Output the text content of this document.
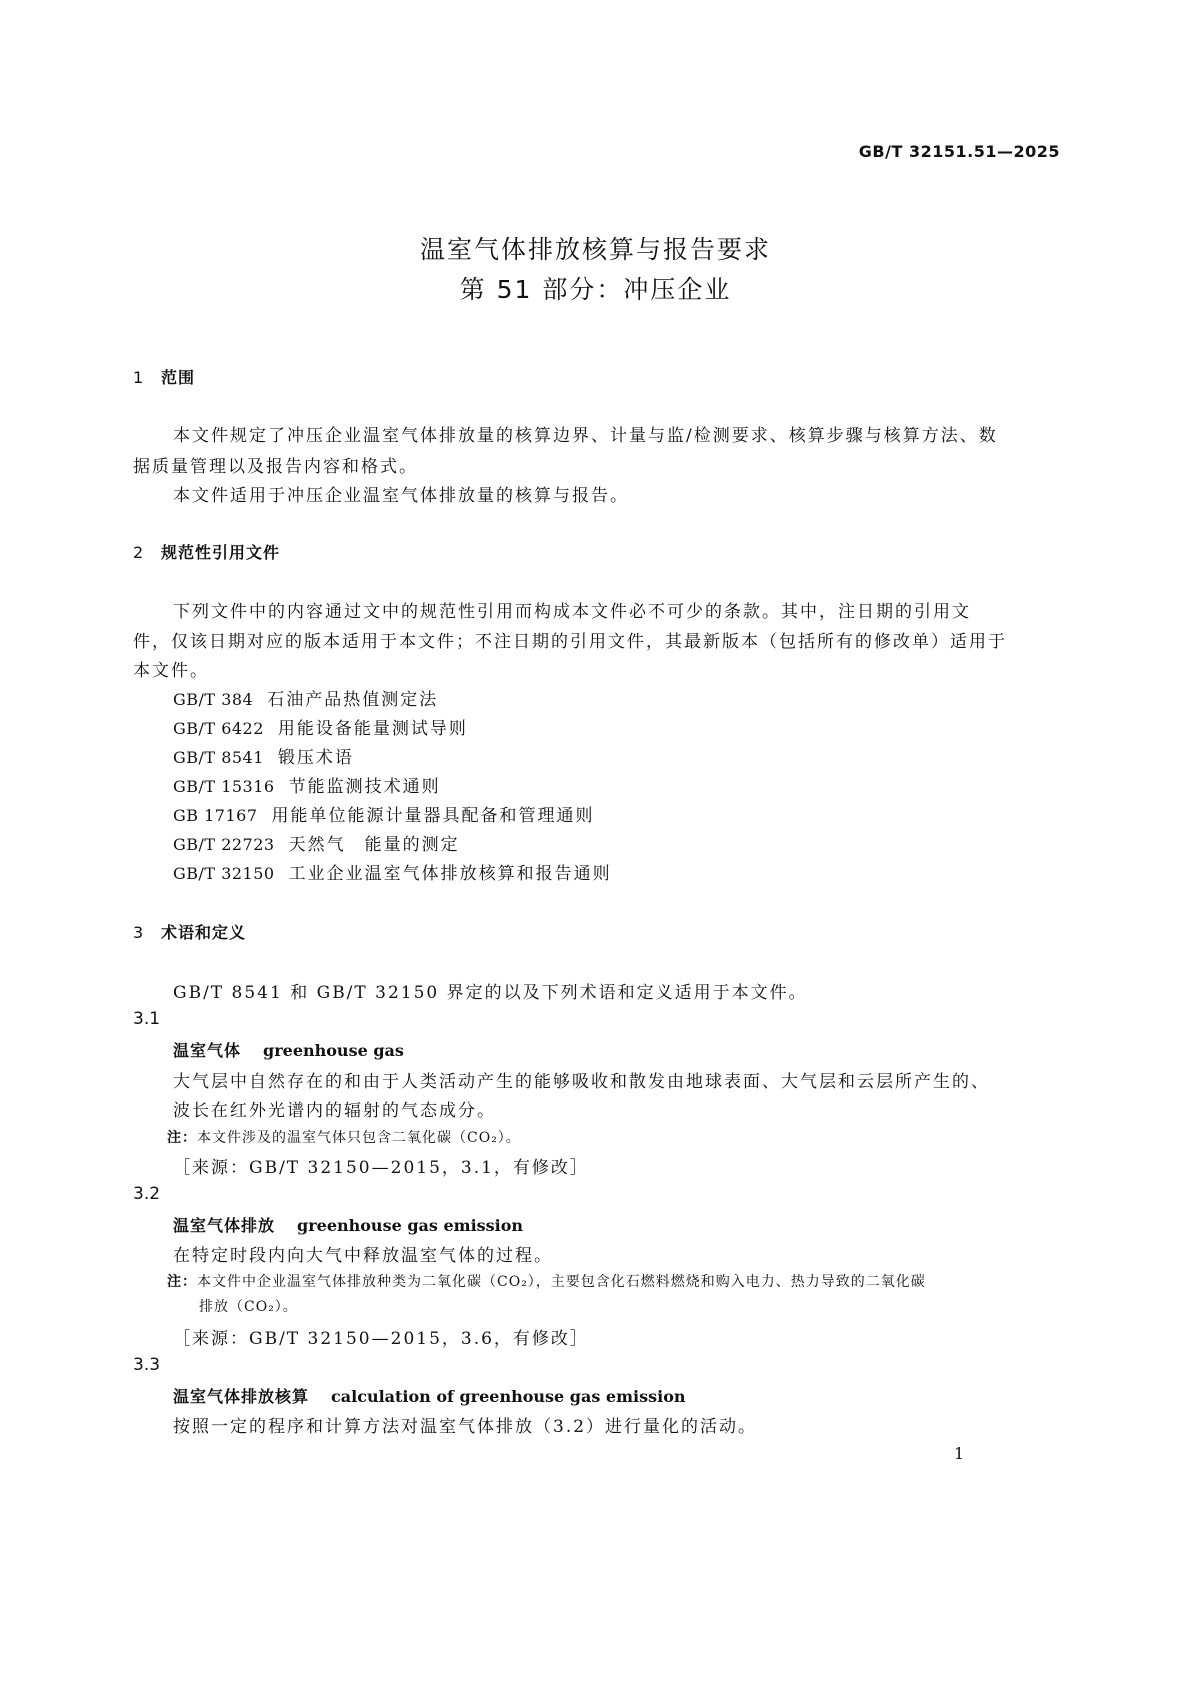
GB/T 32151.51—2025
温室气体排放核算与报告要求
第 51 部分：冲压企业
1 范围
本文件规定了冲压企业温室气体排放量的核算边界、计量与监/检测要求、核算步骤与核算方法、数
据质量管理以及报告内容和格式。
本文件适用于冲压企业温室气体排放量的核算与报告。
2 规范性引用文件
下列文件中的内容通过文中的规范性引用而构成本文件必不可少的条款。其中，注日期的引用文
件，仅该日期对应的版本适用于本文件；不注日期的引用文件，其最新版本（包括所有的修改单）适用于
本文件。
GB/T 384 石油产品热值测定法
GB/T 6422 用能设备能量测试导则
GB/T 8541 锻压术语
GB/T 15316 节能监测技术通则
GB 17167 用能单位能源计量器具配备和管理通则
GB/T 22723 天然气　能量的测定
GB/T 32150 工业企业温室气体排放核算和报告通则
3 术语和定义
GB/T 8541 和 GB/T 32150 界定的以及下列术语和定义适用于本文件。
3.1
温室气体 greenhouse gas
大气层中自然存在的和由于人类活动产生的能够吸收和散发由地球表面、大气层和云层所产生的、
波长在红外光谱内的辐射的气态成分。
注：本文件涉及的温室气体只包含二氧化碳（CO₂）。
［来源：GB/T 32150—2015，3.1，有修改］
3.2
温室气体排放 greenhouse gas emission
在特定时段内向大气中释放温室气体的过程。
注：本文件中企业温室气体排放种类为二氧化碳（CO₂），主要包含化石燃料燃烧和购入电力、热力导致的二氧化碳
排放（CO₂）。
［来源：GB/T 32150—2015，3.6，有修改］
3.3
温室气体排放核算 calculation of greenhouse gas emission
按照一定的程序和计算方法对温室气体排放（3.2）进行量化的活动。
1
